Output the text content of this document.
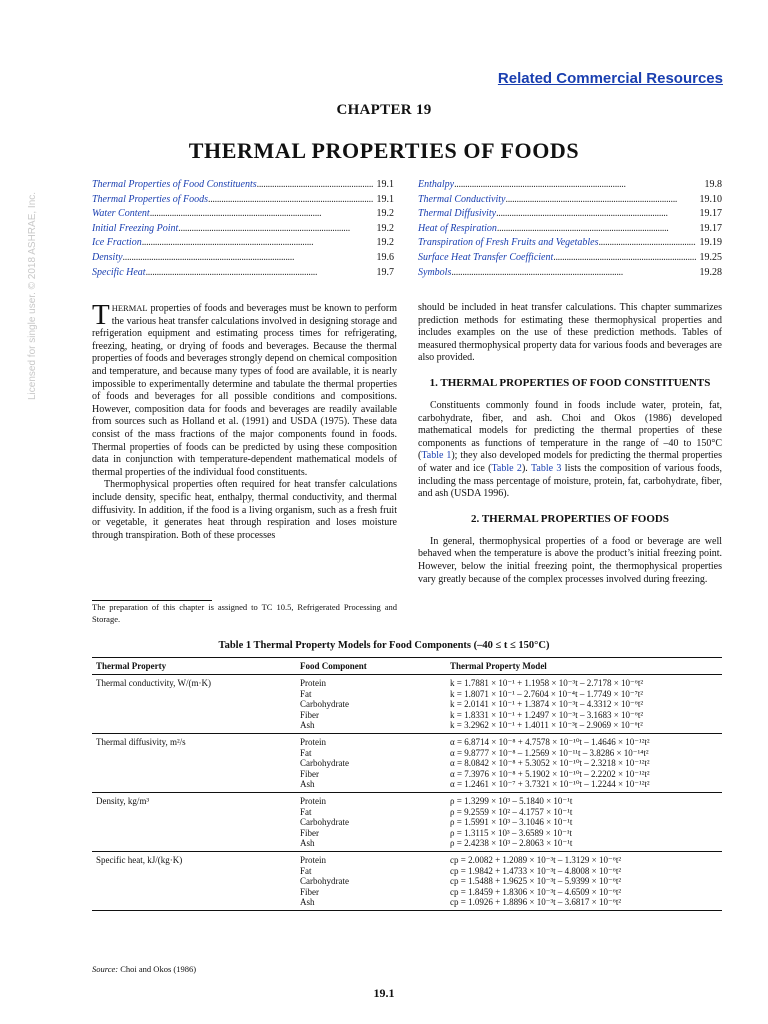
Related Commercial Resources
CHAPTER 19
THERMAL PROPERTIES OF FOODS
Thermal Properties of Food Constituents . . .	19.1
Thermal Properties of Foods . . .	19.1
Water Content . . .	19.2
Initial Freezing Point . . .	19.2
Ice Fraction . . .	19.2
Density . . .	19.6
Specific Heat . . .	19.7
Enthalpy . . .	19.8
Thermal Conductivity . . .	19.10
Thermal Diffusivity . . .	19.17
Heat of Respiration . . .	19.17
Transpiration of Fresh Fruits and Vegetables . . .	19.19
Surface Heat Transfer Coefficient . . .	19.25
Symbols . . .	19.28
Licensed for single user. © 2018 ASHRAE, Inc. THERMAL properties of foods and beverages must be known to perform the various heat transfer calculations involved in designing storage and refrigeration equipment and estimating process times for refrigerating, freezing, heating, or drying of foods and beverages. Because the thermal properties of foods and beverages strongly depend on chemical composition and temperature, and because many types of food are available, it is nearly impossible to experimentally determine and tabulate the thermal properties of foods and beverages for all possible conditions and compositions. However, composition data for foods and beverages are readily available from sources such as Holland et al. (1991) and USDA (1975). These data consist of the mass fractions of the major components found in foods. Thermal properties of foods can be predicted by using these composition data in conjunction with temperature-dependent mathematical models of thermal properties of the individual food constituents.

Thermophysical properties often required for heat transfer calculations include density, specific heat, enthalpy, thermal conductivity, and thermal diffusivity. In addition, if the food is a living organism, such as a fresh fruit or vegetable, it generates heat through respiration and loses moisture through transpiration. Both of these processes

The preparation of this chapter is assigned to TC 10.5, Refrigerated Processing and Storage.

should be included in heat transfer calculations. This chapter summarizes prediction methods for estimating these thermophysical properties and includes examples on the use of these prediction methods. Tables of measured thermophysical property data for various foods and beverages are also provided.

1. THERMAL PROPERTIES OF FOOD CONSTITUENTS

Constituents commonly found in foods include water, protein, fat, carbohydrate, fiber, and ash. Choi and Okos (1986) developed mathematical models for predicting the thermal properties of these components as functions of temperature in the range of –40 to 150°C (Table 1); they also developed models for predicting the thermal properties of water and ice (Table 2). Table 3 lists the composition of various foods, including the mass percentage of moisture, protein, fat, carbohydrate, fiber, and ash (USDA 1996).

2. THERMAL PROPERTIES OF FOODS

In general, thermophysical properties of a food or beverage are well behaved when the temperature is above the product’s initial freezing point. However, below the initial freezing point, the thermophysical properties vary greatly because of the complex processes involved during freezing.

Table 1 Thermal Property Models for Food Components (–40 ≤ t ≤ 150°C)
Thermal Property	Food Component	Thermal Property Model
Thermal conductivity, W/(m·K)	Protein	k = 1.7881 × 10⁻¹ + 1.1958 × 10⁻³t – 2.7178 × 10⁻⁶t²
	Fat	k = 1.8071 × 10⁻¹ – 2.7604 × 10⁻⁴t – 1.7749 × 10⁻⁷t²
	Carbohydrate	k = 2.0141 × 10⁻¹ + 1.3874 × 10⁻³t – 4.3312 × 10⁻⁶t²
	Fiber	k = 1.8331 × 10⁻¹ + 1.2497 × 10⁻³t – 3.1683 × 10⁻⁶t²
	Ash	k = 3.2962 × 10⁻¹ + 1.4011 × 10⁻³t – 2.9069 × 10⁻⁶t²
Thermal diffusivity, m²/s	Protein	α = 6.8714 × 10⁻⁸ + 4.7578 × 10⁻¹⁰t – 1.4646 × 10⁻¹²t²
	Fat	α = 9.8777 × 10⁻⁸ – 1.2569 × 10⁻¹¹t – 3.8286 × 10⁻¹⁴t²
	Carbohydrate	α = 8.0842 × 10⁻⁸ + 5.3052 × 10⁻¹⁰t – 2.3218 × 10⁻¹²t²
	Fiber	α = 7.3976 × 10⁻⁸ + 5.1902 × 10⁻¹⁰t – 2.2202 × 10⁻¹²t²
	Ash	α = 1.2461 × 10⁻⁷ + 3.7321 × 10⁻¹⁰t – 1.2244 × 10⁻¹²t²
Density, kg/m³	Protein	ρ = 1.3299 × 10³ – 5.1840 × 10⁻¹t
	Fat	ρ = 9.2559 × 10² – 4.1757 × 10⁻¹t
	Carbohydrate	ρ = 1.5991 × 10³ – 3.1046 × 10⁻¹t
	Fiber	ρ = 1.3115 × 10³ – 3.6589 × 10⁻¹t
	Ash	ρ = 2.4238 × 10³ – 2.8063 × 10⁻¹t
Specific heat, kJ/(kg·K)	Protein	cp = 2.0082 + 1.2089 × 10⁻³t – 1.3129 × 10⁻⁶t²
	Fat	cp = 1.9842 + 1.4733 × 10⁻³t – 4.8008 × 10⁻⁶t²
	Carbohydrate	cp = 1.5488 + 1.9625 × 10⁻³t – 5.9399 × 10⁻⁶t²
	Fiber	cp = 1.8459 + 1.8306 × 10⁻³t – 4.6509 × 10⁻⁶t²
	Ash	cp = 1.0926 + 1.8896 × 10⁻³t – 3.6817 × 10⁻⁶t²
Source: Choi and Okos (1986)
19.1
